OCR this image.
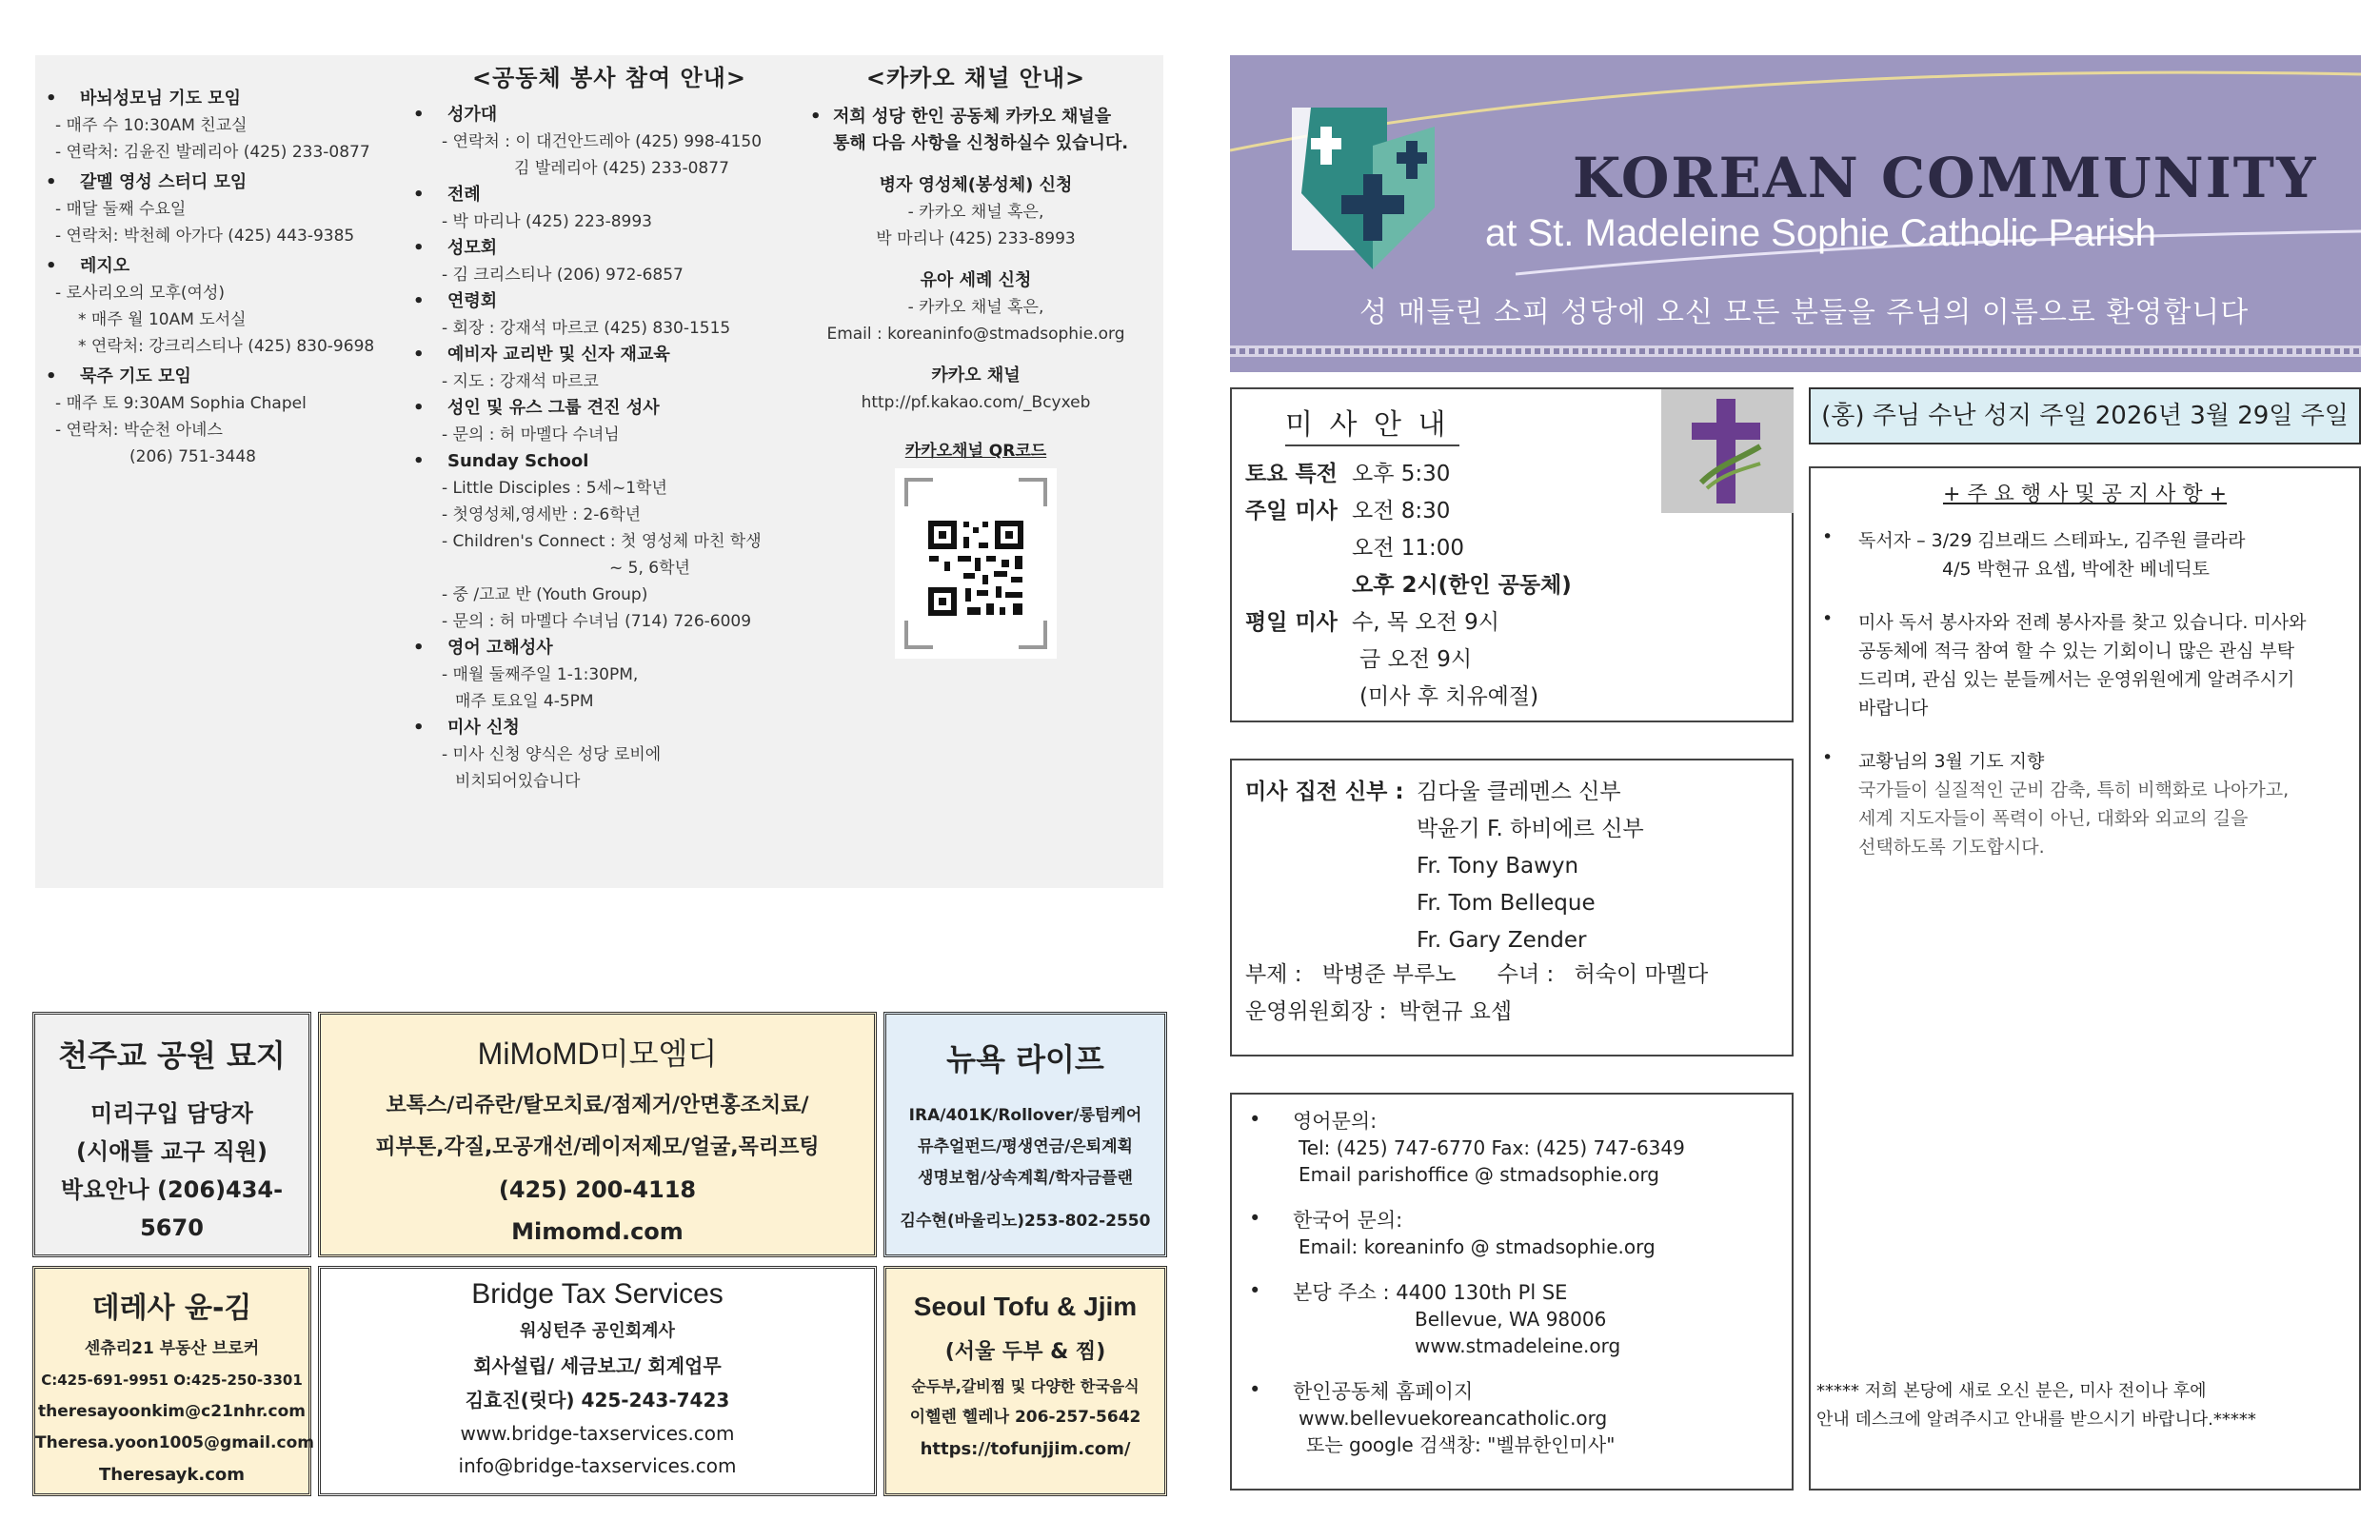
• 바뇌성모님 기도 모임
- 매주 수 10:30AM 친교실
- 연락처: 김윤진 발레리아 (425) 233-0877
• 갈멜 영성 스터디 모임
- 매달 둘째 수요일
- 연락처: 박천혜 아가다 (425) 443-9385
• 레지오
- 로사리오의 모후(여성)
* 매주 월 10AM 도서실
* 연락처: 강크리스티나 (425) 830-9698
• 묵주 기도 모임
- 매주 토 9:30AM Sophia Chapel
- 연락처: 박순천 아녜스
(206) 751-3448
<공동체 봉사 참여 안내>
• 성가대
- 연락처 : 이 대건안드레아 (425) 998-4150
김 발레리아 (425) 233-0877
• 전례
- 박 마리나 (425) 223-8993
• 성모회
- 김 크리스티나 (206) 972-6857
• 연령회
- 회장 : 강재석 마르코 (425) 830-1515
• 예비자 교리반 및 신자 재교육
- 지도 : 강재석 마르코
• 성인 및 유스 그룹 견진 성사
- 문의 : 허 마멜다 수녀님
• Sunday School
- Little Disciples : 5세~1학년
- 첫영성체,영세반 : 2-6학년
- Children's Connect : 첫 영성체 마친 학생
~ 5, 6학년
- 중 /고교 반 (Youth Group)
- 문의 : 허 마멜다 수녀님 (714) 726-6009
• 영어 고해성사
- 매월 둘째주일 1-1:30PM,
매주 토요일 4-5PM
• 미사 신청
- 미사 신청 양식은 성당 로비에
비치되어있습니다
<카카오 채널 안내>
• 저희 성당 한인 공동체 카카오 채널을
통해 다음 사항을 신청하실수 있습니다.
병자 영성체(봉성체) 신청
- 카카오 채널 혹은,
박 마리나 (425) 233-8993
유아 세례 신청
- 카카오 채널 혹은,
Email : koreaninfo@stmadsophie.org
카카오 채널
http://pf.kakao.com/_Bcyxeb
카카오채널 QR코드
천주교 공원 묘지
미리구입 담당자
(시애틀 교구 직원)
박요안나 (206)434-5670
MiMoMD미모엠디
보톡스/리쥬란/탈모치료/점제거/안면홍조치료/
피부톤,각질,모공개선/레이저제모/얼굴,목리프팅
(425) 200-4118
Mimomd.com
뉴욕 라이프
IRA/401K/Rollover/롱텀케어
뮤추얼펀드/평생연금/은퇴계획
생명보험/상속계획/학자금플랜
김수현(바울리노)253-802-2550
데레사 윤-김
센츄리21 부동산 브로커
C:425-691-9951 O:425-250-3301
theresayoonkim@c21nhr.com
Theresa.yoon1005@gmail.com
Theresayk.com
Bridge Tax Services
워싱턴주 공인회계사
회사설립/ 세금보고/ 회계업무
김효진(릿다) 425-243-7423
www.bridge-taxservices.com
info@bridge-taxservices.com
Seoul Tofu & Jjim
(서울 두부 & 찜)
순두부,갈비찜 및 다양한 한국음식
이헬렌 헬레나 206-257-5642
https://tofunjjim.com/
KOREAN COMMUNITY
at St. Madeleine Sophie Catholic Parish
성 매들린 소피 성당에 오신 모든 분들을 주님의 이름으로 환영합니다
미 사 안 내
토요 특전 오후 5:30
주일 미사 오전 8:30
오전 11:00
오후 2시(한인 공동체)
평일 미사 수, 목 오전 9시
금 오전 9시
(미사 후 치유예절)
(홍) 주님 수난 성지 주일 2026년 3월 29일 주일
미사 집전 신부 : 김다울 클레멘스 신부
박윤기 F. 하비에르 신부
Fr. Tony Bawyn
Fr. Tom Belleque
Fr. Gary Zender
부제 : 박병준 부루노 수녀 : 허숙이 마멜다
운영위원회장 : 박현규 요셉
• 영어문의:
Tel: (425) 747-6770 Fax: (425) 747-6349
Email parishoffice @ stmadsophie.org
• 한국어 문의:
Email: koreaninfo @ stmadsophie.org
• 본당 주소 : 4400 130th Pl SE
Bellevue, WA 98006
www.stmadeleine.org
• 한인공동체 홈페이지
www.bellevuekoreancatholic.org
또는 google 검색창: "벨뷰한인미사"
+ 주 요 행 사 및 공 지 사 항 +
• 독서자 – 3/29 김브래드 스테파노, 김주원 클라라
4/5 박현규 요셉, 박에찬 베네딕토
• 미사 독서 봉사자와 전례 봉사자를 찾고 있습니다. 미사와
공동체에 적극 참여 할 수 있는 기회이니 많은 관심 부탁
드리며, 관심 있는 분들께서는 운영위원에게 알려주시기
바랍니다
• 교황님의 3월 기도 지향
국가들이 실질적인 군비 감축, 특히 비핵화로 나아가고,
세계 지도자들이 폭력이 아닌, 대화와 외교의 길을
선택하도록 기도합시다.
***** 저희 본당에 새로 오신 분은, 미사 전이나 후에
안내 데스크에 알려주시고 안내를 받으시기 바랍니다.*****
